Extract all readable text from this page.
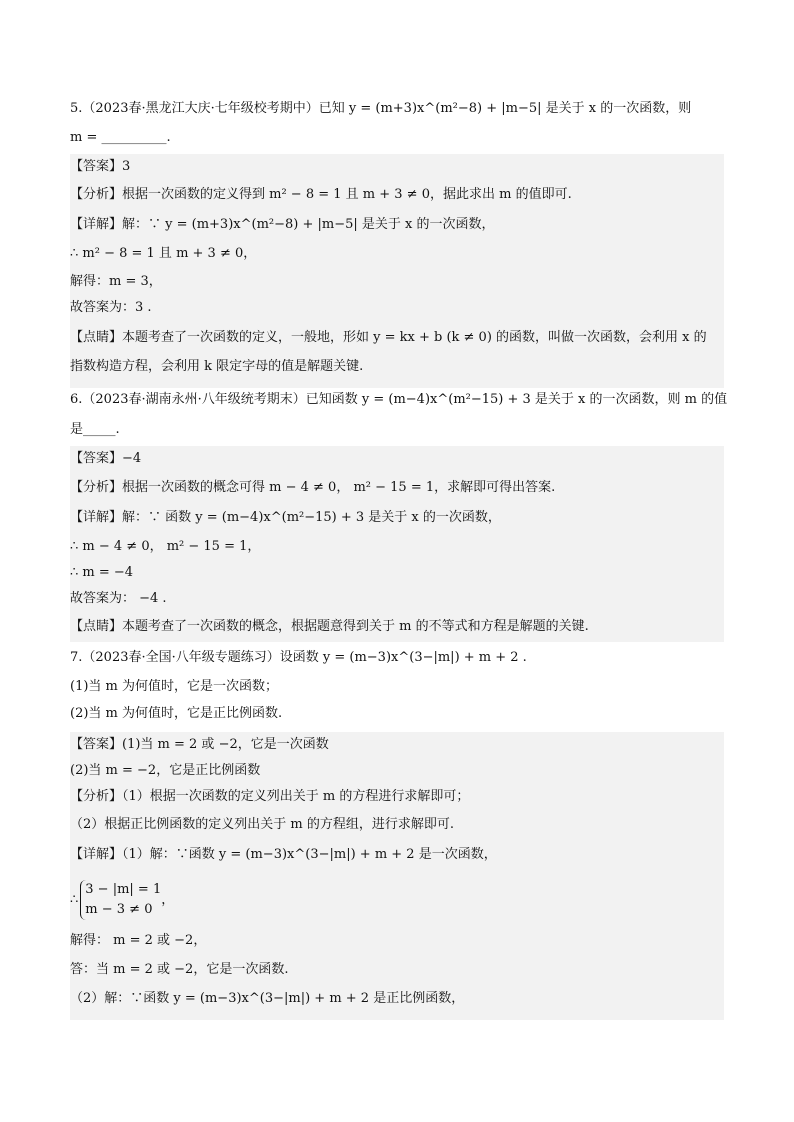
5.（2023春·黑龙江大庆·七年级校考期中）已知 y = (m+3)x^(m²−8) + |m−5| 是关于 x 的一次函数，则
m = __________.
【答案】3
【分析】根据一次函数的定义得到 m² − 8 = 1 且 m + 3 ≠ 0，据此求出 m 的值即可.
【详解】解：∵ y = (m+3)x^(m²−8) + |m−5| 是关于 x 的一次函数，
∴ m² − 8 = 1 且 m + 3 ≠ 0，
解得：m = 3，
故答案为：3 .
【点睛】本题考查了一次函数的定义，一般地，形如 y = kx + b (k ≠ 0) 的函数，叫做一次函数，会利用 x 的
指数构造方程，会利用 k 限定字母的值是解题关键.
6.（2023春·湖南永州·八年级统考期末）已知函数 y = (m−4)x^(m²−15) + 3 是关于 x 的一次函数，则 m 的值
是_____.
【答案】−4
【分析】根据一次函数的概念可得 m − 4 ≠ 0， m² − 15 = 1，求解即可得出答案.
【详解】解：∵ 函数 y = (m−4)x^(m²−15) + 3 是关于 x 的一次函数，
∴ m − 4 ≠ 0， m² − 15 = 1，
∴ m = −4
故答案为： −4 .
【点睛】本题考查了一次函数的概念，根据题意得到关于 m 的不等式和方程是解题的关键.
7.（2023春·全国·八年级专题练习）设函数 y = (m−3)x^(3−|m|) + m + 2 .
(1)当 m 为何值时，它是一次函数；
(2)当 m 为何值时，它是正比例函数.
【答案】(1)当 m = 2 或 −2，它是一次函数
(2)当 m = −2，它是正比例函数
【分析】（1）根据一次函数的定义列出关于 m 的方程进行求解即可；
（2）根据正比例函数的定义列出关于 m 的方程组，进行求解即可.
【详解】（1）解：∵函数 y = (m−3)x^(3−|m|) + m + 2 是一次函数，
∴
3 − |m| = 1
m − 3 ≠ 0
，
解得： m = 2 或 −2，
答：当 m = 2 或 −2，它是一次函数.
（2）解：∵函数 y = (m−3)x^(3−|m|) + m + 2 是正比例函数，
